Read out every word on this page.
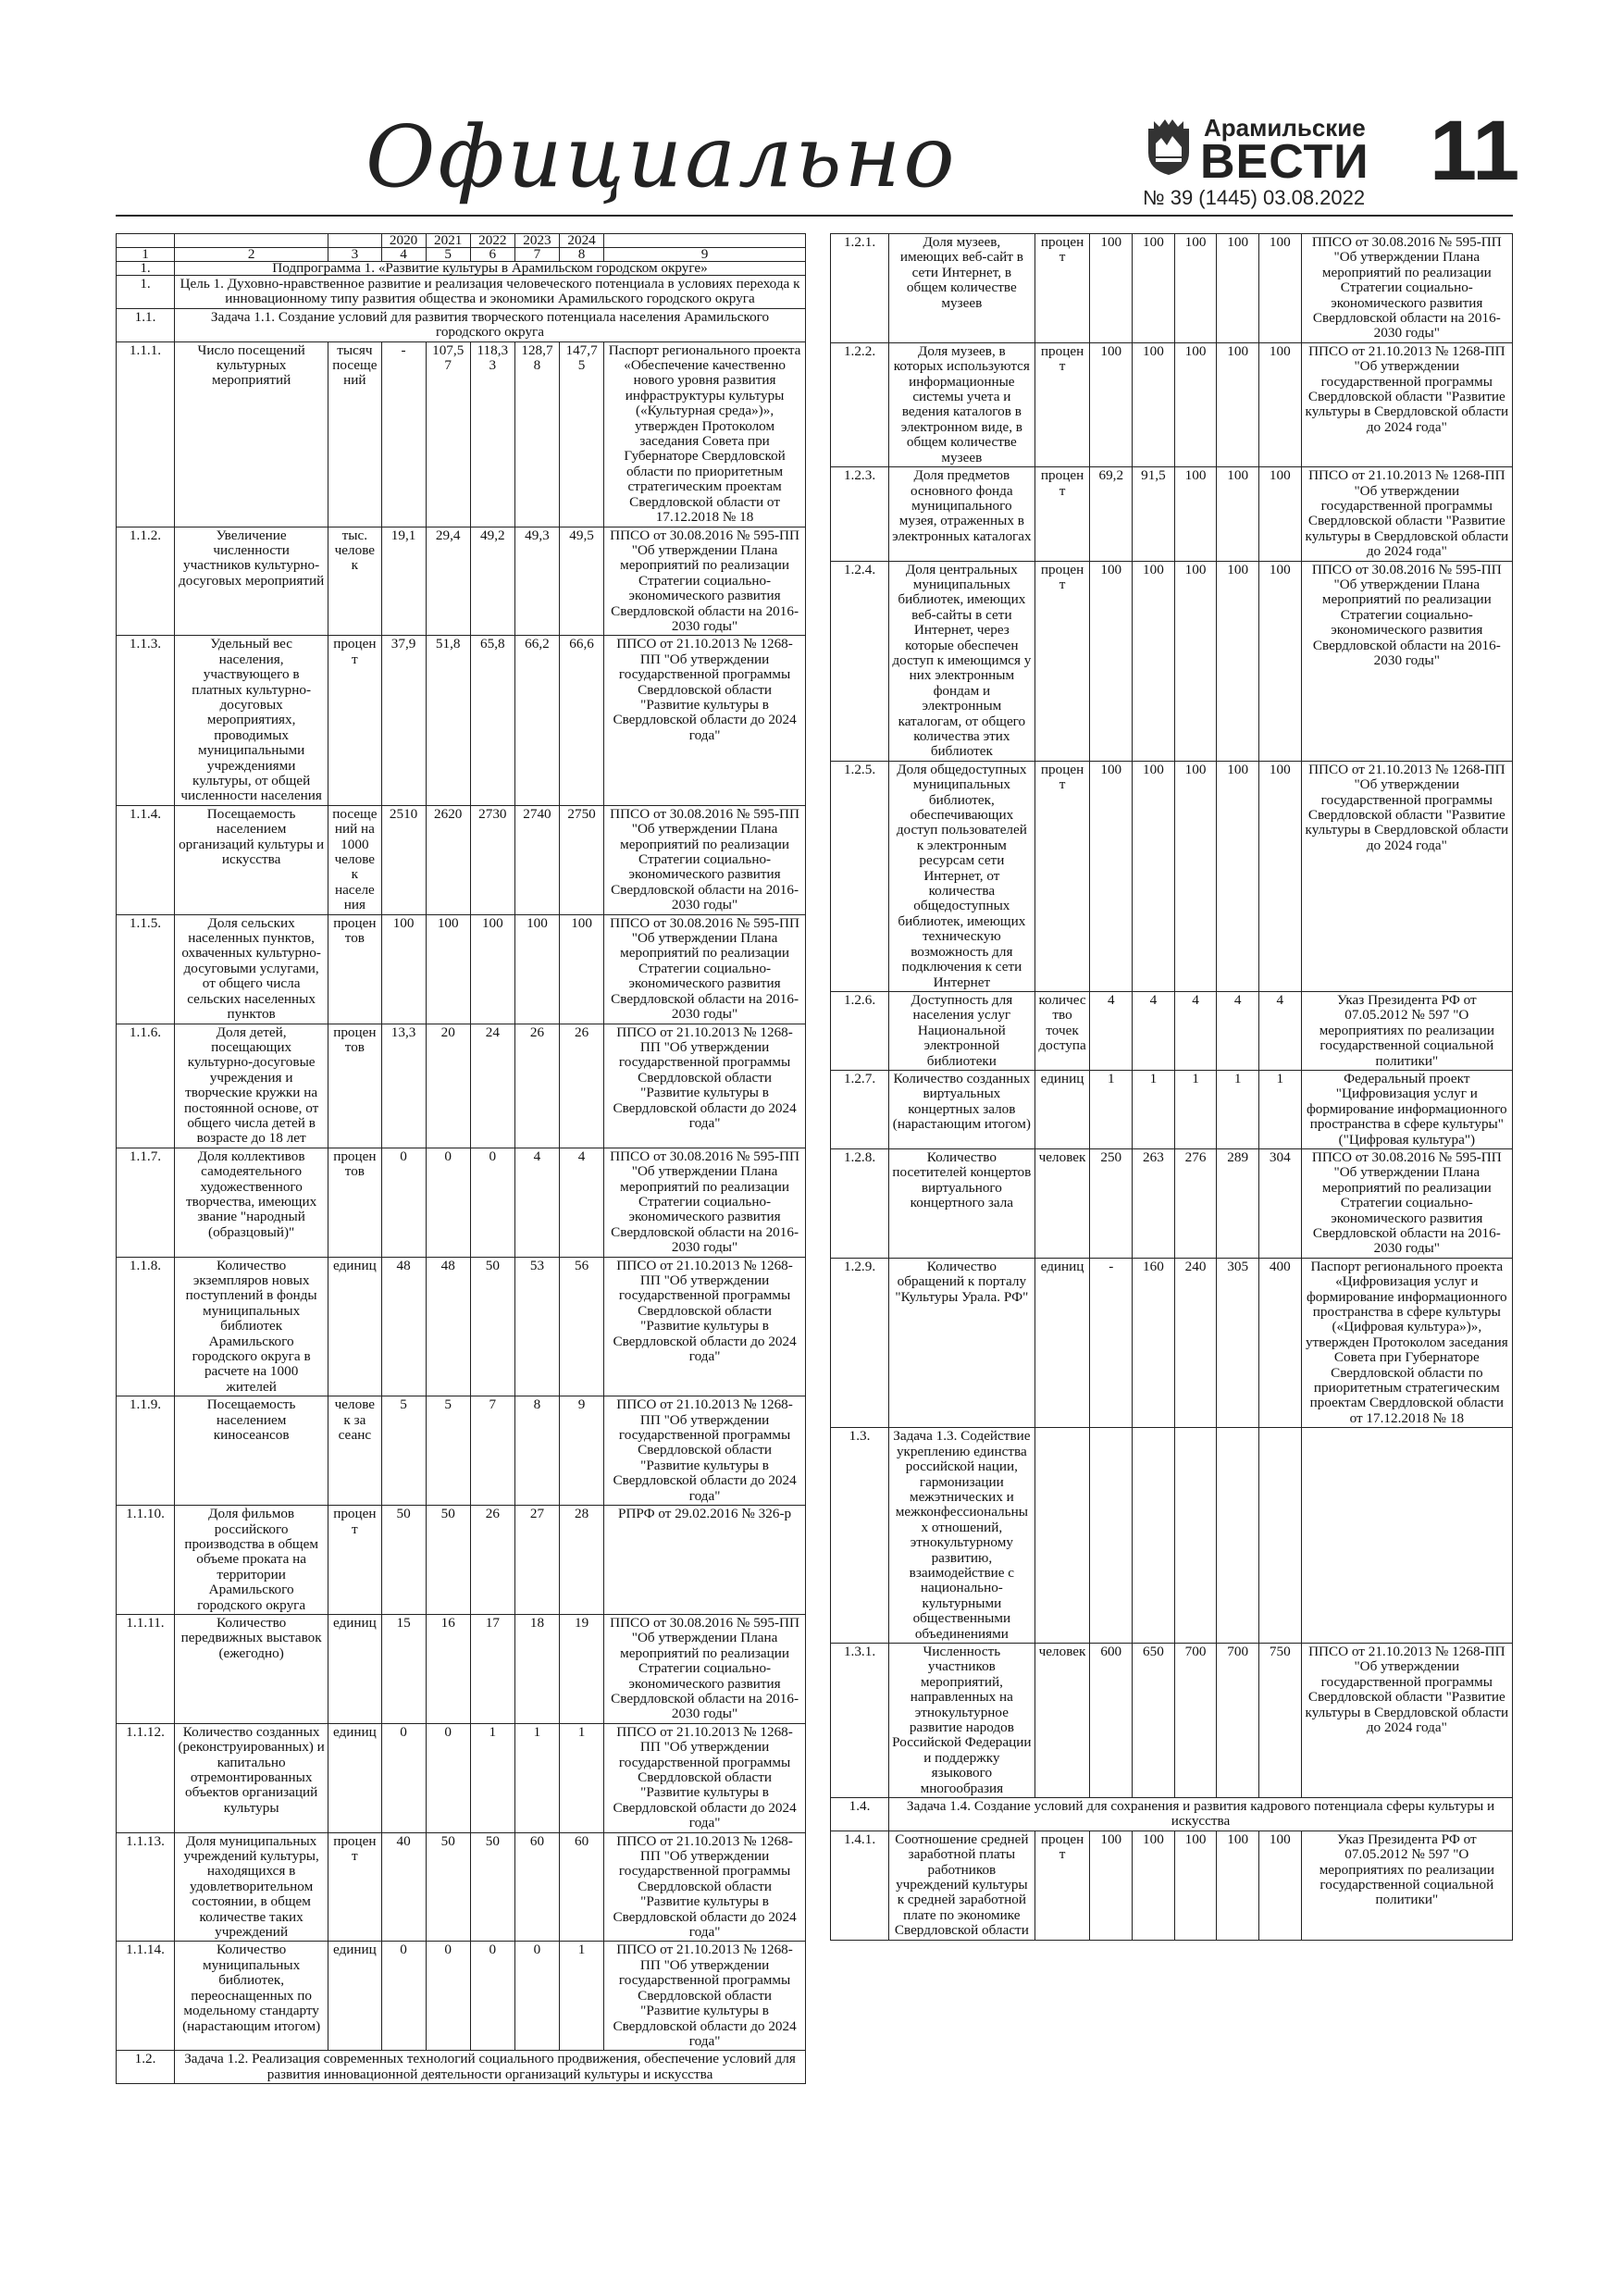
Официально	Арамильские
ВЕСТИ 11
№ 39 (1445) 03.08.2022
			2020	2021	2022	2023	2024	
1	2	3	4	5	6	7	8	9
1.	Подпрограмма 1. «Развитие культуры в Арамильском городском округе»							
1.	Цель 1. Духовно-нравственное развитие и реализация человеческого потенциала в условиях перехода к инновационному типу развития общества и экономики Арамильского городского округа							
1.1.	Задача 1.1. Создание условий для развития творческого потенциала населения Арамильского городского округа							
1.1.1.	Число посещений культурных мероприятий	тысяч посещений	-	107,57	118,33	128,78	147,75	Паспорт регионального проекта «Обеспечение качественно нового уровня развития инфраструктуры культуры («Культурная среда»)», утвержден Протоколом заседания Совета при Губернаторе Свердловской области по приоритетным стратегическим проектам Свердловской области от 17.12.2018 № 18
1.1.2.	Увеличение численности участников культурно-досуговых мероприятий	тыс. человек	19,1	29,4	49,2	49,3	49,5	ППСО от 30.08.2016 № 595-ПП "Об утверждении Плана мероприятий по реализации Стратегии социально-экономического развития Свердловской области на 2016-2030 годы"
1.1.3.	Удельный вес населения, участвующего в платных культурно-досуговых мероприятиях, проводимых муниципальными учреждениями культуры, от общей численности населения	процент	37,9	51,8	65,8	66,2	66,6	ППСО от 21.10.2013 № 1268-ПП "Об утверждении государственной программы Свердловской области "Развитие культуры в Свердловской области до 2024 года"
1.1.4.	Посещаемость населением организаций культуры и искусства	посещений на 1000 человек населения	2510	2620	2730	2740	2750	ППСО от 30.08.2016 № 595-ПП "Об утверждении Плана мероприятий по реализации Стратегии социально-экономического развития Свердловской области на 2016-2030 годы"
1.1.5.	Доля сельских населенных пунктов, охваченных культурно-досуговыми услугами, от общего числа сельских населенных пунктов	процентов	100	100	100	100	100	ППСО от 30.08.2016 № 595-ПП "Об утверждении Плана мероприятий по реализации Стратегии социально-экономического развития Свердловской области на 2016-2030 годы"
1.1.6.	Доля детей, посещающих культурно-досуговые учреждения и творческие кружки на постоянной основе, от общего числа детей в возрасте до 18 лет	процентов	13,3	20	24	26	26	ППСО от 21.10.2013 № 1268-ПП "Об утверждении государственной программы Свердловской области "Развитие культуры в Свердловской области до 2024 года"
1.1.7.	Доля коллективов самодеятельного художественного творчества, имеющих звание "народный (образцовый)"	процентов	0	0	0	4	4	ППСО от 30.08.2016 № 595-ПП "Об утверждении Плана мероприятий по реализации Стратегии социально-экономического развития Свердловской области на 2016-2030 годы"
1.1.8.	Количество экземпляров новых поступлений в фонды муниципальных библиотек Арамильского городского округа в расчете на 1000 жителей	единиц	48	48	50	53	56	ППСО от 21.10.2013 № 1268-ПП "Об утверждении государственной программы Свердловской области "Развитие культуры в Свердловской области до 2024 года"
1.1.9.	Посещаемость населением киносеансов	человек за сеанс	5	5	7	8	9	ППСО от 21.10.2013 № 1268-ПП "Об утверждении государственной программы Свердловской области "Развитие культуры в Свердловской области до 2024 года"
1.1.10.	Доля фильмов российского производства в общем объеме проката на территории Арамильского городского округа	процент	50	50	26	27	28	РПРФ от 29.02.2016 № 326-р
1.1.11.	Количество передвижных выставок (ежегодно)	единиц	15	16	17	18	19	ППСО от 30.08.2016 № 595-ПП "Об утверждении Плана мероприятий по реализации Стратегии социально-экономического развития Свердловской области на 2016-2030 годы"
1.1.12.	Количество созданных (реконструированных) и капитально отремонтированных объектов организаций культуры	единиц	0	0	1	1	1	ППСО от 21.10.2013 № 1268-ПП "Об утверждении государственной программы Свердловской области "Развитие культуры в Свердловской области до 2024 года"
1.1.13.	Доля муниципальных учреждений культуры, находящихся в удовлетворительном состоянии, в общем количестве таких учреждений	процент	40	50	50	60	60	ППСО от 21.10.2013 № 1268-ПП "Об утверждении государственной программы Свердловской области "Развитие культуры в Свердловской области до 2024 года"
1.1.14.	Количество муниципальных библиотек, переоснащенных по модельному стандарту (нарастающим итогом)	единиц	0	0	0	0	1	ППСО от 21.10.2013 № 1268-ПП "Об утверждении государственной программы Свердловской области "Развитие культуры в Свердловской области до 2024 года"
1.2.	Задача 1.2. Реализация современных технологий социального продвижения, обеспечение условий для развития инновационной деятельности организаций культуры и искусства							
1.2.1.	Доля музеев, имеющих веб-сайт в сети Интернет, в общем количестве музеев	процент	100	100	100	100	100	ППСО от 30.08.2016 № 595-ПП "Об утверждении Плана мероприятий по реализации Стратегии социально-экономического развития Свердловской области на 2016-2030 годы"
1.2.2.	Доля музеев, в которых используются информационные системы учета и ведения каталогов в электронном виде, в общем количестве музеев	процент	100	100	100	100	100	ППСО от 21.10.2013 № 1268-ПП "Об утверждении государственной программы Свердловской области "Развитие культуры в Свердловской области до 2024 года"
1.2.3.	Доля предметов основного фонда муниципального музея, отраженных в электронных каталогах	процент	69,2	91,5	100	100	100	ППСО от 21.10.2013 № 1268-ПП "Об утверждении государственной программы Свердловской области "Развитие культуры в Свердловской области до 2024 года"
1.2.4.	Доля центральных муниципальных библиотек, имеющих веб-сайты в сети Интернет, через которые обеспечен доступ к имеющимся у них электронным фондам и электронным каталогам, от общего количества этих библиотек	процент	100	100	100	100	100	ППСО от 30.08.2016 № 595-ПП "Об утверждении Плана мероприятий по реализации Стратегии социально-экономического развития Свердловской области на 2016-2030 годы"
1.2.5.	Доля общедоступных муниципальных библиотек, обеспечивающих доступ пользователей к электронным ресурсам сети Интернет, от количества общедоступных библиотек, имеющих техническую возможность для подключения к сети Интернет	процент	100	100	100	100	100	ППСО от 21.10.2013 № 1268-ПП "Об утверждении государственной программы Свердловской области "Развитие культуры в Свердловской области до 2024 года"
1.2.6.	Доступность для населения услуг Национальной электронной библиотеки	количество точек доступа	4	4	4	4	4	Указ Президента РФ от 07.05.2012 № 597 "О мероприятиях по реализации государственной социальной политики"
1.2.7.	Количество созданных виртуальных концертных залов (нарастающим итогом)	единиц	1	1	1	1	1	Федеральный проект "Цифровизация услуг и формирование информационного пространства в сфере культуры" ("Цифровая культура")
1.2.8.	Количество посетителей концертов виртуального концертного зала	человек	250	263	276	289	304	ППСО от 30.08.2016 № 595-ПП "Об утверждении Плана мероприятий по реализации Стратегии социально-экономического развития Свердловской области на 2016-2030 годы"
1.2.9.	Количество обращений к порталу "Культуры Урала. РФ"	единиц	-	160	240	305	400	Паспорт регионального проекта «Цифровизация услуг и формирование информационного пространства в сфере культуры («Цифровая культура»)», утвержден Протоколом заседания Совета при Губернаторе Свердловской области по приоритетным стратегическим проектам Свердловской области от 17.12.2018 № 18
1.3.	Задача 1.3. Содействие укреплению единства российской нации, гармонизации межэтнических и межконфессиональных отношений, этнокультурному развитию, взаимодействие с национально-культурными общественными объединениями							
1.3.1.	Численность участников мероприятий, направленных на этнокультурное развитие народов Российской Федерации и поддержку языкового многообразия	человек	600	650	700	700	750	ППСО от 21.10.2013 № 1268-ПП "Об утверждении государственной программы Свердловской области "Развитие культуры в Свердловской области до 2024 года"
1.4.	Задача 1.4. Создание условий для сохранения и развития кадрового потенциала сферы культуры и искусства							
1.4.1.	Соотношение средней заработной платы работников учреждений культуры к средней заработной плате по экономике Свердловской области	процент	100	100	100	100	100	Указ Президента РФ от 07.05.2012 № 597 "О мероприятиях по реализации государственной социальной политики"
